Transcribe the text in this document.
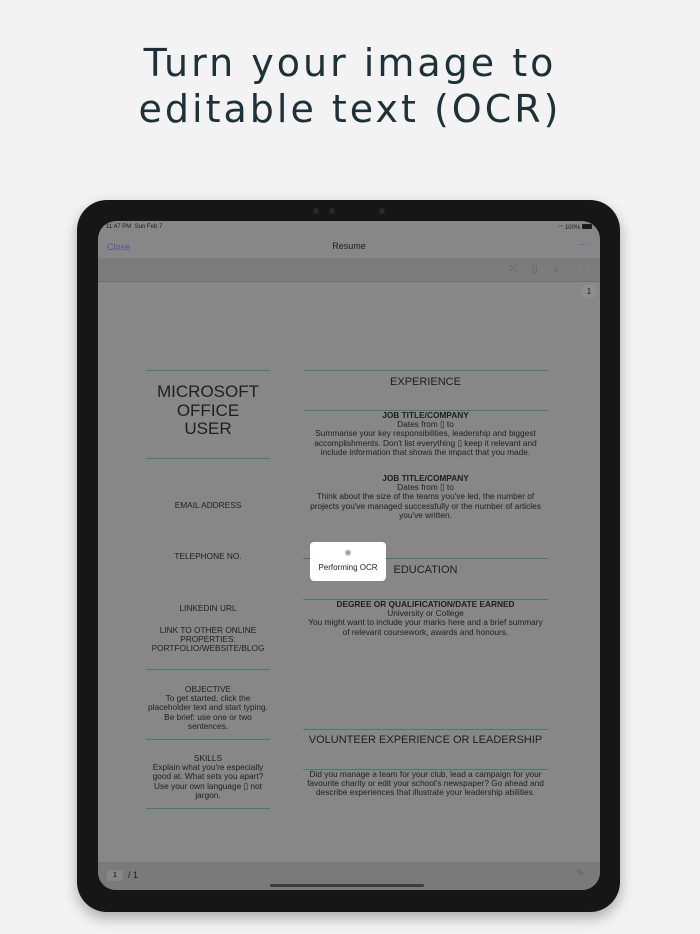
Turn your image to
editable text (OCR)
MICROSOFT
OFFICE
USER
EMAIL ADDRESS
TELEPHONE NO.
LINKEDIN URL
LINK TO OTHER ONLINE
PROPERTIES:
PORTFOLIO/WEBSITE/BLOG
OBJECTIVE
To get started, click the
placeholder text and start typing.
Be brief: use one or two
sentences.
SKILLS
Explain what you're especially
good at. What sets you apart?
Use your own language ▯ not
jargon.
EXPERIENCE
JOB TITLE/COMPANY
Dates from ▯ to
Summarise your key responsibilities, leadership and biggest
accomplishments. Don't list everything ▯ keep it relevant and
include information that shows the impact that you made.
JOB TITLE/COMPANY
Dates from ▯ to
Think about the size of the teams you've led, the number of
projects you've managed successfully or the number of articles
you've written.
EDUCATION
DEGREE OR QUALIFICATION/DATE EARNED
University or College
You might want to include your marks here and a brief summary
of relevant coursework, awards and honours.
VOLUNTEER EXPERIENCE OR LEADERSHIP
Did you manage a team for your club, lead a campaign for your
favourite charity or edit your school's newspaper? Go ahead and
describe experiences that illustrate your leadership abilities.
11:47 PM Sun Feb 7	◠ 100%
Close	Resume	···
⤧ ▯ ⌕ ⋮
1
✺
Performing OCR
1	/ 1	✎
